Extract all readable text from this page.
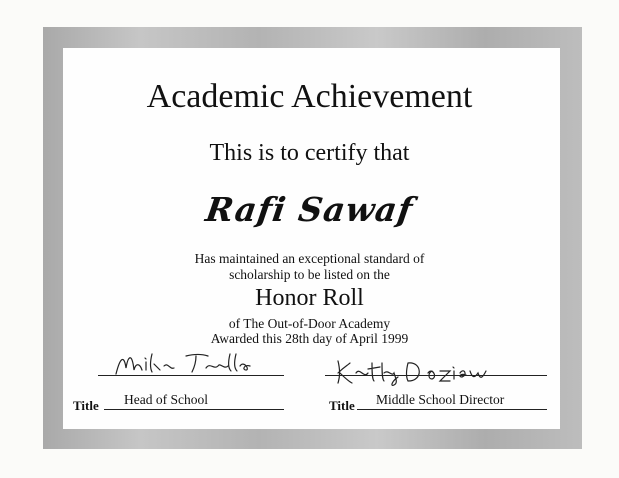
Academic Achievement
This is to certify that
Rafi Sawaf
Has maintained an exceptional standard of
scholarship to be listed on the
Honor Roll
of The Out-of-Door Academy
Awarded this 28th day of April 1999
Title Head of School	Title Middle School Director
